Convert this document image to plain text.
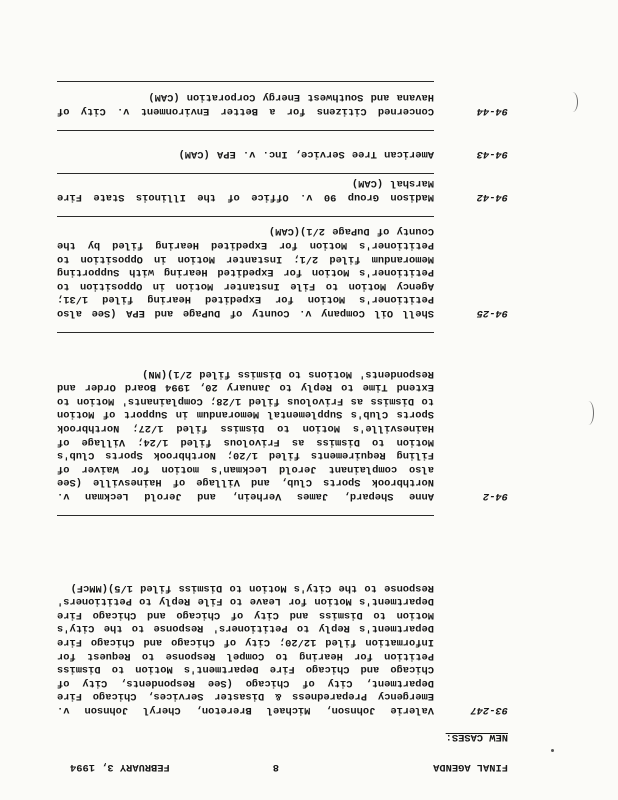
FINAL AGENDA
8
FEBRUARY 3, 1994
NEW CASES:
93-247
Valerie Johnson, Michael Brereton, Cheryl Johnson v. Emergency Preparedness & Disaster Services, Chicago Fire Department, City of Chicago (See Respondents, City of Chicago and Chicago Fire Department's Motion to Dismiss Petition for Hearing to Compel Response to Request for Information filed 12/20; City of Chicago and Chicago Fire Department's Reply to Petitioners' Response to the City's Motion to Dismiss and City of Chicago and Chicago Fire Department's Motion for Leave to File Reply to Petitioners' Response to the City's Motion to Dismiss filed 1/5)(MMcF)
94-2
Anne Shepard, James Verhein, and Jerold Leckman v. Northbrook Sports Club, and Village of Hainesville (See also complainant Jerold Leckman's motion for Waiver of Filing Requirements filed 1/20; Northbrook Sports Club's Motion to Dismiss as Frivolous filed 1/24; Village of Hainesville's Motion to Dismiss filed 1/27; Northbrook Sports Club's Supplemental Memorandum in Support of Motion to Dismiss as Frivolous filed 1/28; Complainants' Motion to Extend Time to Reply to January 20, 1994 Board Order and Respondents' Motions to Dismiss filed 2/1)(MN)
94-25
Shell Oil Company v. County of DuPage and EPA (See also Petitioner's Motion for Expedited Hearing filed 1/31; Agency Motion to File Instanter Motion in Opposition to Petitioner's Motion for Expedited Hearing with Supporting Memorandum filed 2/1; Instanter Motion in Opposition to Petitioner's Motion for Expedited Hearing filed by the County of DuPage 2/1)(CAM)
94-42
Madison Group 90 v. Office of the Illinois State Fire Marshal (CAM)
94-43
American Tree Service, Inc. v. EPA (CAM)
94-44
Concerned Citizens for a Better Environment v. City of Havana and Southwest Energy Corporation (CAM)
